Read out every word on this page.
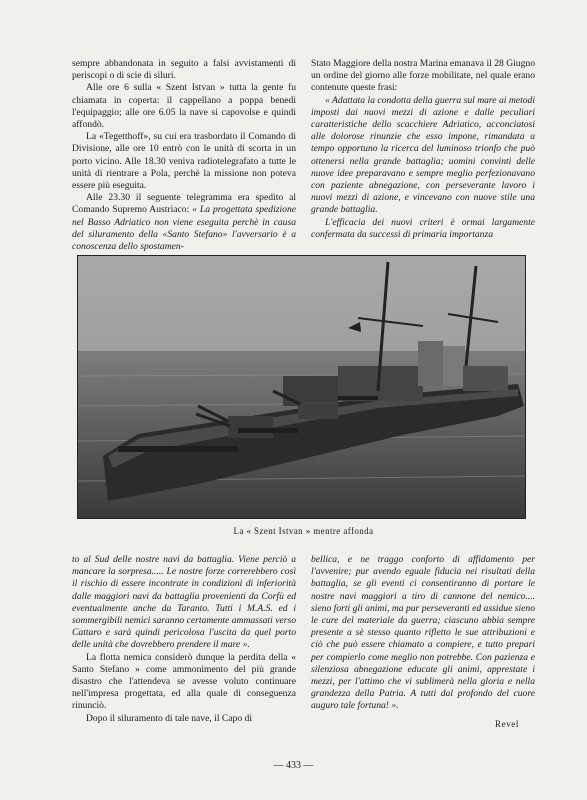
sempre abbandonata in seguito a falsi avvistamenti di periscopi o di scie di siluri.

Alle ore 6 sulla « Szent Istvan » tutta la gente fu chiamata in coperta: il cappellano a poppa benedì l'equipaggio; alle ore 6.05 la nave si capovolse e quindi affondò.

La «Tegetthoff», su cui era trasbordato il Comando di Divisione, alle ore 10 entrò con le unità di scorta in un porto vicino. Alle 18.30 veniva radiotelegrafato a tutte le unità di rientrare a Pola, perchè la missione non poteva essere più eseguita.

Alle 23.30 il seguente telegramma era spedito al Comando Supremo Austriaco: « La progettata spedizione nel Basso Adriatico non viene eseguita perchè in causa del siluramento della «Santo Stefano» l'avversario è a conoscenza dello spostamen-

Stato Maggiore della nostra Marina emanava il 28 Giugno un ordine del giorno alle forze mobilitate, nel quale erano contenute queste frasi:

« Adattata la condotta della guerra sul mare ai metodi imposti dai nuovi mezzi di azione e dalle peculiari caratteristiche dello scacchiere Adriatico, acconciatosi alle dolorose rinunzie che esso impone, rimandata a tempo opportuno la ricerca del luminoso trionfo che può ottenersi nella grande battaglia; uomini convinti delle nuove idee preparavano e sempre meglio perfezionavano con paziente abnegazione, con perseverante lavoro i nuovi mezzi di azione, e vincevano con nuove stile una grande battaglia.

L'efficacia dei nuovi criteri è ormai largamente confermata da successi di primaria importanza

La « Szent Istvan » mentre affonda

to al Sud delle nostre navi da battaglia. Viene perciò a mancare la sorpresa..... Le nostre forze correrebbero così il rischio di essere incontrate in condizioni di inferiorità dalle maggiori navi da battaglia provenienti da Corfù ed eventualmente anche da Taranto. Tutti i M.A.S. ed i sommergibili nemici saranno certamente ammassati verso Cattaro e sarà quindi pericolosa l'uscita da quel porto delle unità che dovrebbero prendere il mare ».

La flotta nemica considerò dunque la perdita della « Santo Stefano » come ammonimento del più grande disastro che l'attendeva se avesse voluto continuare nell'impresa progettata, ed alla quale di conseguenza rinunciò.

Dopo il siluramento di tale nave, il Capo di

bellica, e ne traggo conforto di affidamento per l'avvenire; pur avendo eguale fiducia nei risultati della battaglia, se gli eventi ci consentiranno di portare le nostre navi maggiori a tiro di cannone del nemico.... sieno forti gli animi, ma pur perseveranti ed assidue sieno le cure del materiale da guerra; ciascuno abbia sempre presente a sè stesso quanto rifletto le sue attribuzioni e ciò che può essere chiamato a compiere, e tutto prepari per compierlo come meglio non potrebbe. Con pazienza e silenziosa abnegazione educate gli animi, apprestate i mezzi, per l'attimo che vi sublimerà nella gloria e nella grandezza della Patria. A tutti dal profondo del cuore auguro tale fortuna! ».

Revel
— 433 —
